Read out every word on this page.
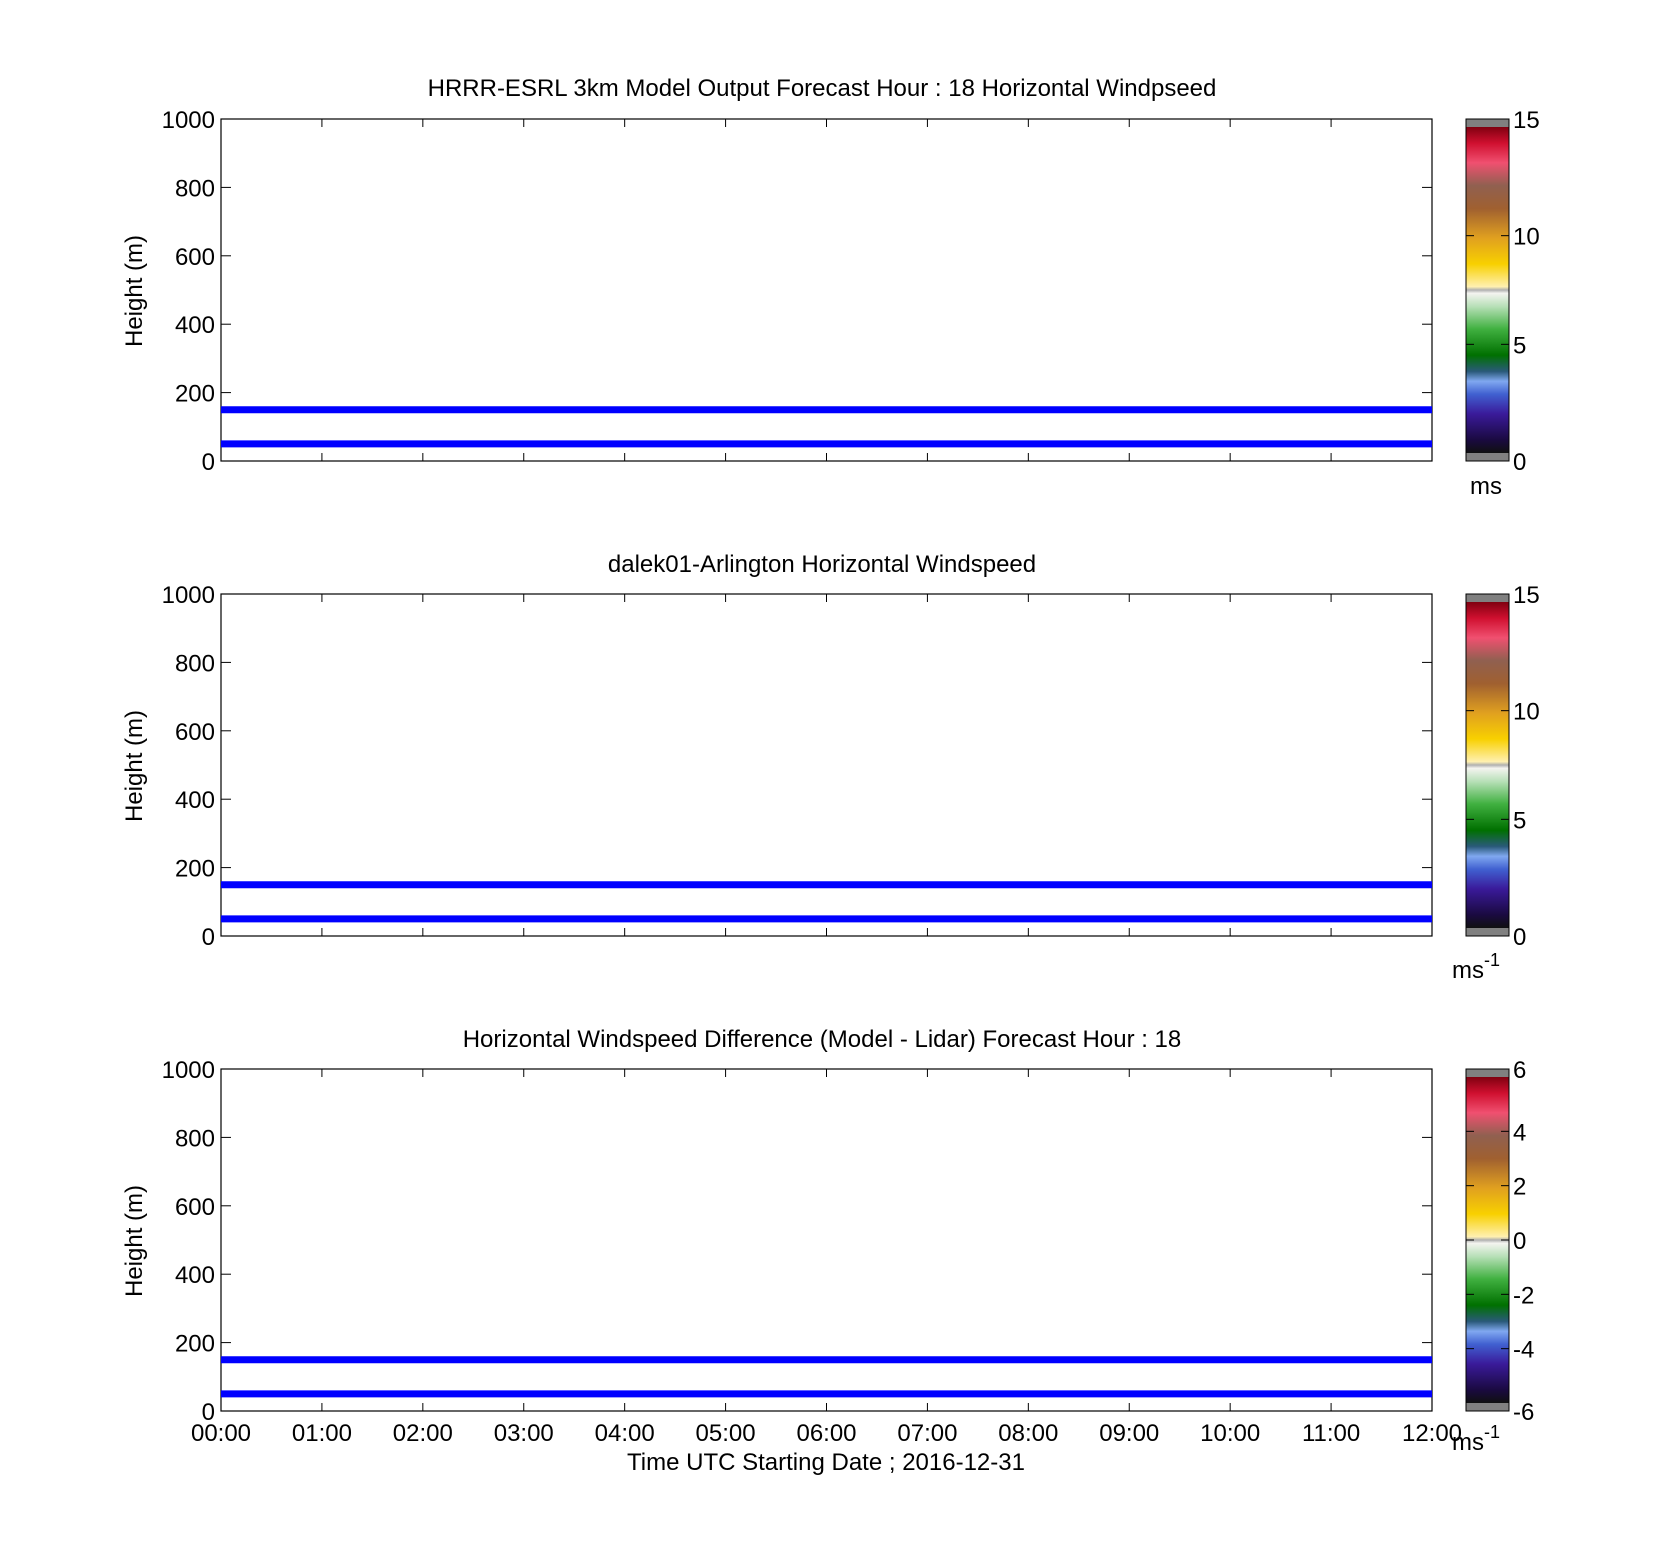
HRRR-ESRL 3km Model Output Forecast Hour : 18 Horizontal Windpseed
Height (m)
0
200
400
600
800
1000
0
5
10
15
ms
dalek01-Arlington Horizontal Windspeed
Height (m)
0
200
400
600
800
1000
0
5
10
15
$ms^{-1}$
Horizontal Windspeed Difference (Model - Lidar) Forecast Hour : 18
Height (m)
00:00 01:00 02:00 03:00 04:00 05:00 06:00 07:00 08:00 09:00 10:00 11:00 12:00
0
200
400
600
800
1000
-6
-4
-2
0
2
4
6
$ms^{-1}$
Time UTC Starting Date ; 2016-12-31
